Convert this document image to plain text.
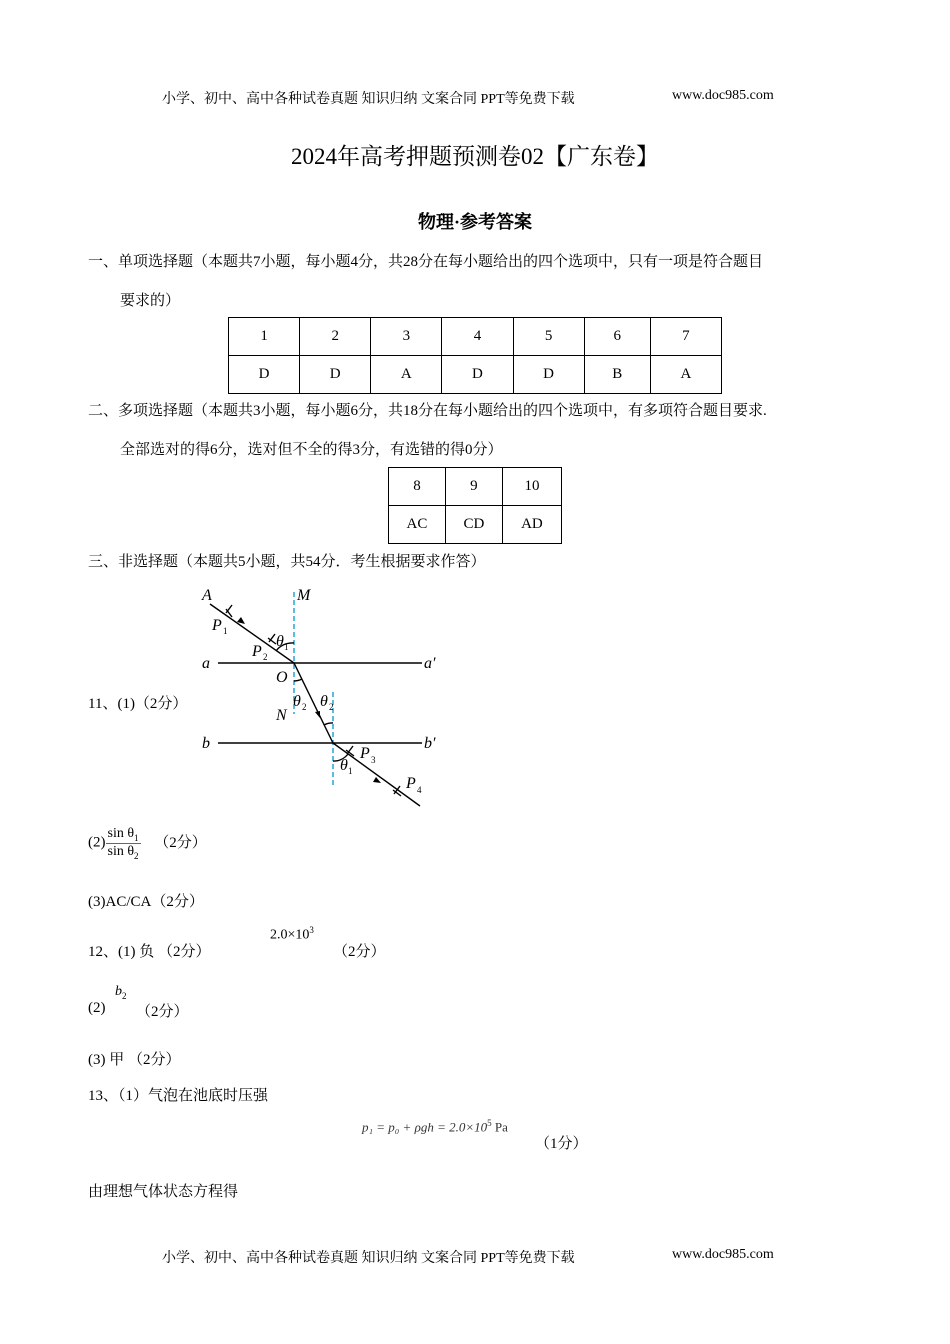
小学、初中、高中各种试卷真题 知识归纳 文案合同 PPT等免费下载	www.doc985.com
2024年高考押题预测卷02【广东卷】
物理·参考答案
一、单项选择题（本题共7小题，每小题4分，共28分在每小题给出的四个选项中，只有一项是符合题目
要求的）
1	2	3	4	5	6	7
D	D	A	D	D	B	A
二、多项选择题（本题共3小题，每小题6分，共18分在每小题给出的四个选项中，有多项符合题目要求.
全部选对的得6分，选对但不全的得3分，有选错的得0分）
8	9	10
AC	CD	AD
三、非选择题（本题共5小题，共54分．考生根据要求作答）
A	M
P 1
θ 1
P 2
a	a′
O
θ 2 θ 2
N
b	b′
θ 1
P 3
P 4
11、(1)（2分）
$(2) \frac{\sin \theta_1}{\sin \theta_2} (2$分）
(3)AC/CA（2分）
12、(1) 负 （2分）
$2.0\times 10^3$
（2分）
(2)
$b_2$
（2分）
(3) 甲 （2分）
13、（1）气泡在池底时压强
$p_1 = p_0 + \rho gh = 2.0\times 10^5$ Pa
（1分）
由理想气体状态方程得
小学、初中、高中各种试卷真题 知识归纳 文案合同 PPT等免费下载	www.doc985.com
